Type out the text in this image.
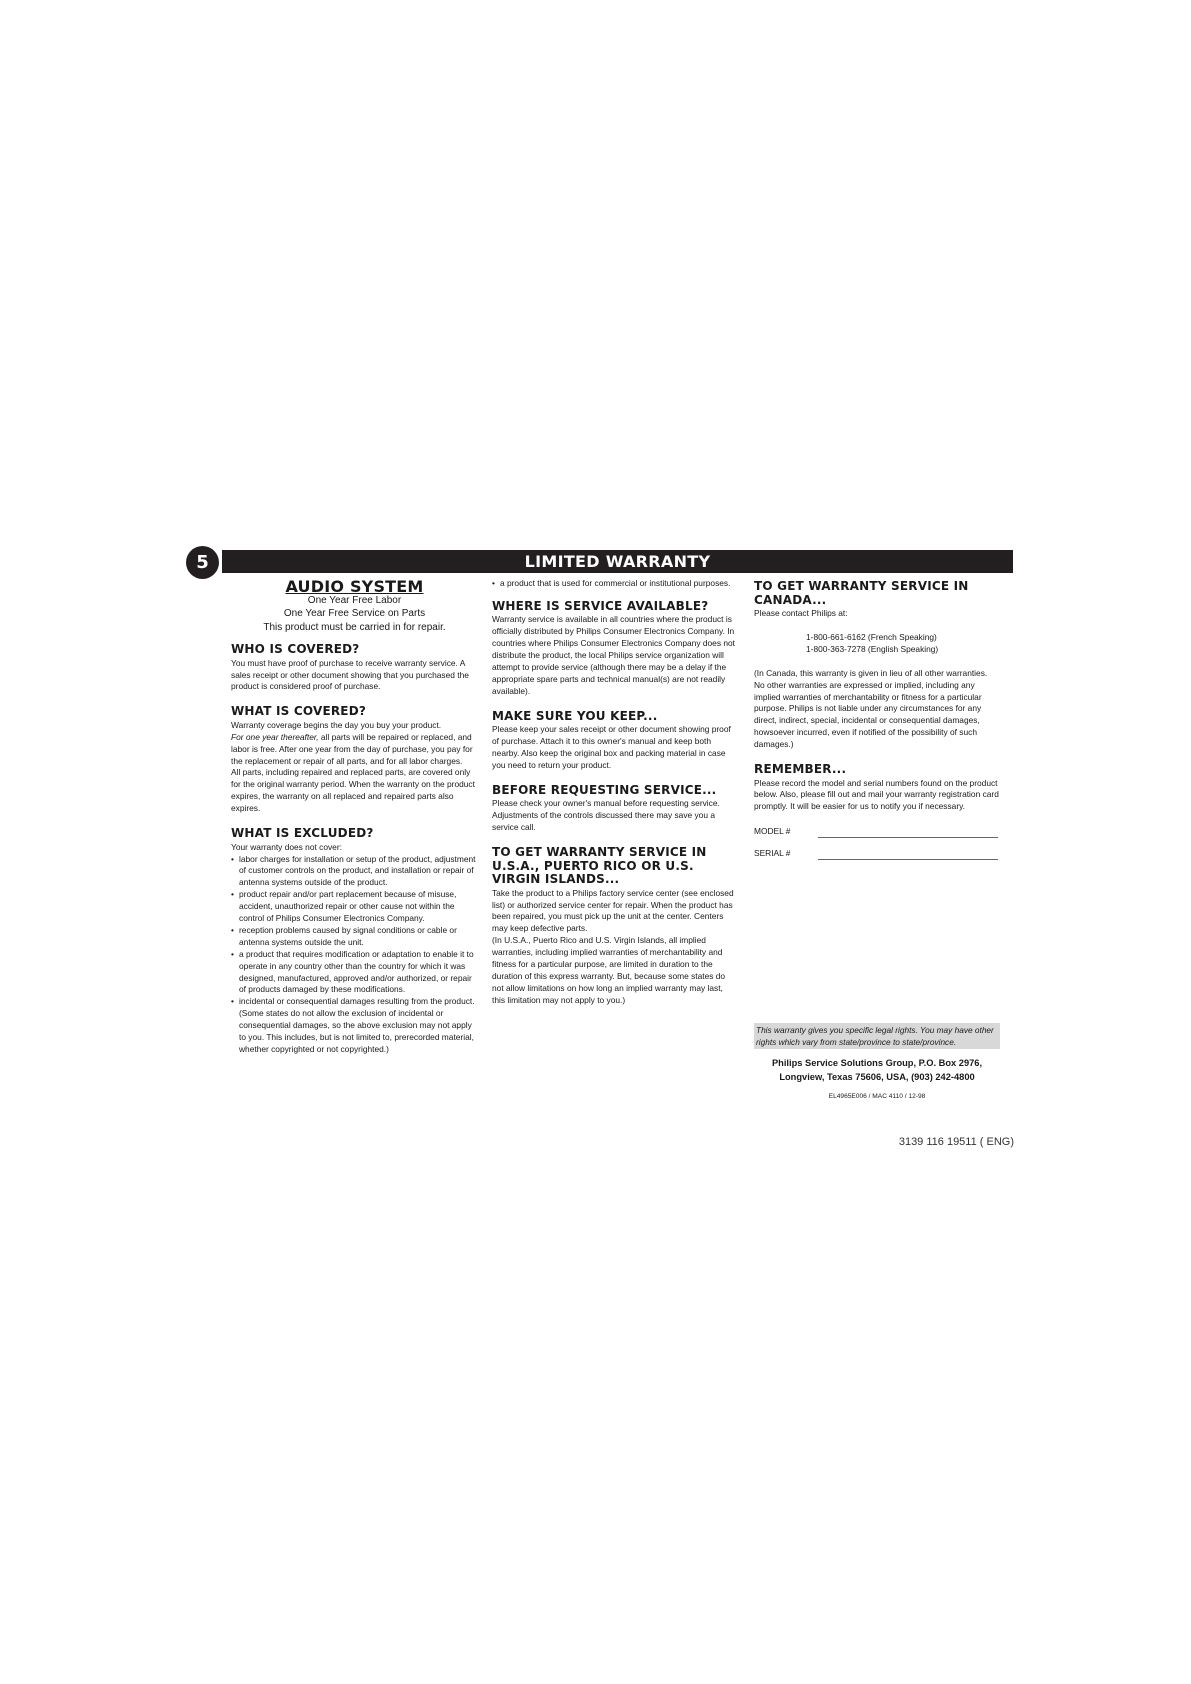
5	LIMITED WARRANTY
AUDIO SYSTEM
One Year Free Labor
One Year Free Service on Parts
This product must be carried in for repair.
WHO IS COVERED?

You must have proof of purchase to receive warranty service. A sales receipt or other document showing that you purchased the product is considered proof of purchase.

WHAT IS COVERED?

Warranty coverage begins the day you buy your product.
For one year thereafter, all parts will be repaired or replaced, and labor is free. After one year from the day of purchase, you pay for the replacement or repair of all parts, and for all labor charges.

All parts, including repaired and replaced parts, are covered only for the original warranty period. When the warranty on the product expires, the warranty on all replaced and repaired parts also expires.

WHAT IS EXCLUDED?

Your warranty does not cover:

• labor charges for installation or setup of the product, adjustment of customer controls on the product, and installation or repair of antenna systems outside of the product.
• product repair and/or part replacement because of misuse, accident, unauthorized repair or other cause not within the control of Philips Consumer Electronics Company.
• reception problems caused by signal conditions or cable or antenna systems outside the unit.
• a product that requires modification or adaptation to enable it to operate in any country other than the country for which it was designed, manufactured, approved and/or authorized, or repair of products damaged by these modifications.
• incidental or consequential damages resulting from the product. (Some states do not allow the exclusion of incidental or consequential damages, so the above exclusion may not apply to you. This includes, but is not limited to, prerecorded material, whether copyrighted or not copyrighted.)
• a product that is used for commercial or institutional purposes.
WHERE IS SERVICE AVAILABLE?

Warranty service is available in all countries where the product is officially distributed by Philips Consumer Electronics Company. In countries where Philips Consumer Electronics Company does not distribute the product, the local Philips service organization will attempt to provide service (although there may be a delay if the appropriate spare parts and technical manual(s) are not readily available).

MAKE SURE YOU KEEP...

Please keep your sales receipt or other document showing proof of purchase. Attach it to this owner's manual and keep both nearby. Also keep the original box and packing material in case you need to return your product.

BEFORE REQUESTING SERVICE...

Please check your owner's manual before requesting service. Adjustments of the controls discussed there may save you a service call.

TO GET WARRANTY SERVICE IN U.S.A., PUERTO RICO OR U.S. VIRGIN ISLANDS...

Take the product to a Philips factory service center (see enclosed list) or authorized service center for repair. When the product has been repaired, you must pick up the unit at the center. Centers may keep defective parts.

(In U.S.A., Puerto Rico and U.S. Virgin Islands, all implied warranties, including implied warranties of merchantability and fitness for a particular purpose, are limited in duration to the duration of this express warranty. But, because some states do not allow limitations on how long an implied warranty may last, this limitation may not apply to you.)

TO GET WARRANTY SERVICE IN CANADA...

Please contact Philips at:

1-800-661-6162 (French Speaking)

1-800-363-7278 (English Speaking)

(In Canada, this warranty is given in lieu of all other warranties. No other warranties are expressed or implied, including any implied warranties of merchantability or fitness for a particular purpose. Philips is not liable under any circumstances for any direct, indirect, special, incidental or consequential damages, howsoever incurred, even if notified of the possibility of such damages.)

REMEMBER...

Please record the model and serial numbers found on the product below. Also, please fill out and mail your warranty registration card promptly. It will be easier for us to notify you if necessary.

MODEL #
SERIAL #
This warranty gives you specific legal rights. You may have other rights which vary from state/province to state/province.
Philips Service Solutions Group, P.O. Box 2976,
Longview, Texas 75606, USA, (903) 242-4800
EL4965E006 / MAC 4110 / 12-98
3139 116 19511 ( ENG)
